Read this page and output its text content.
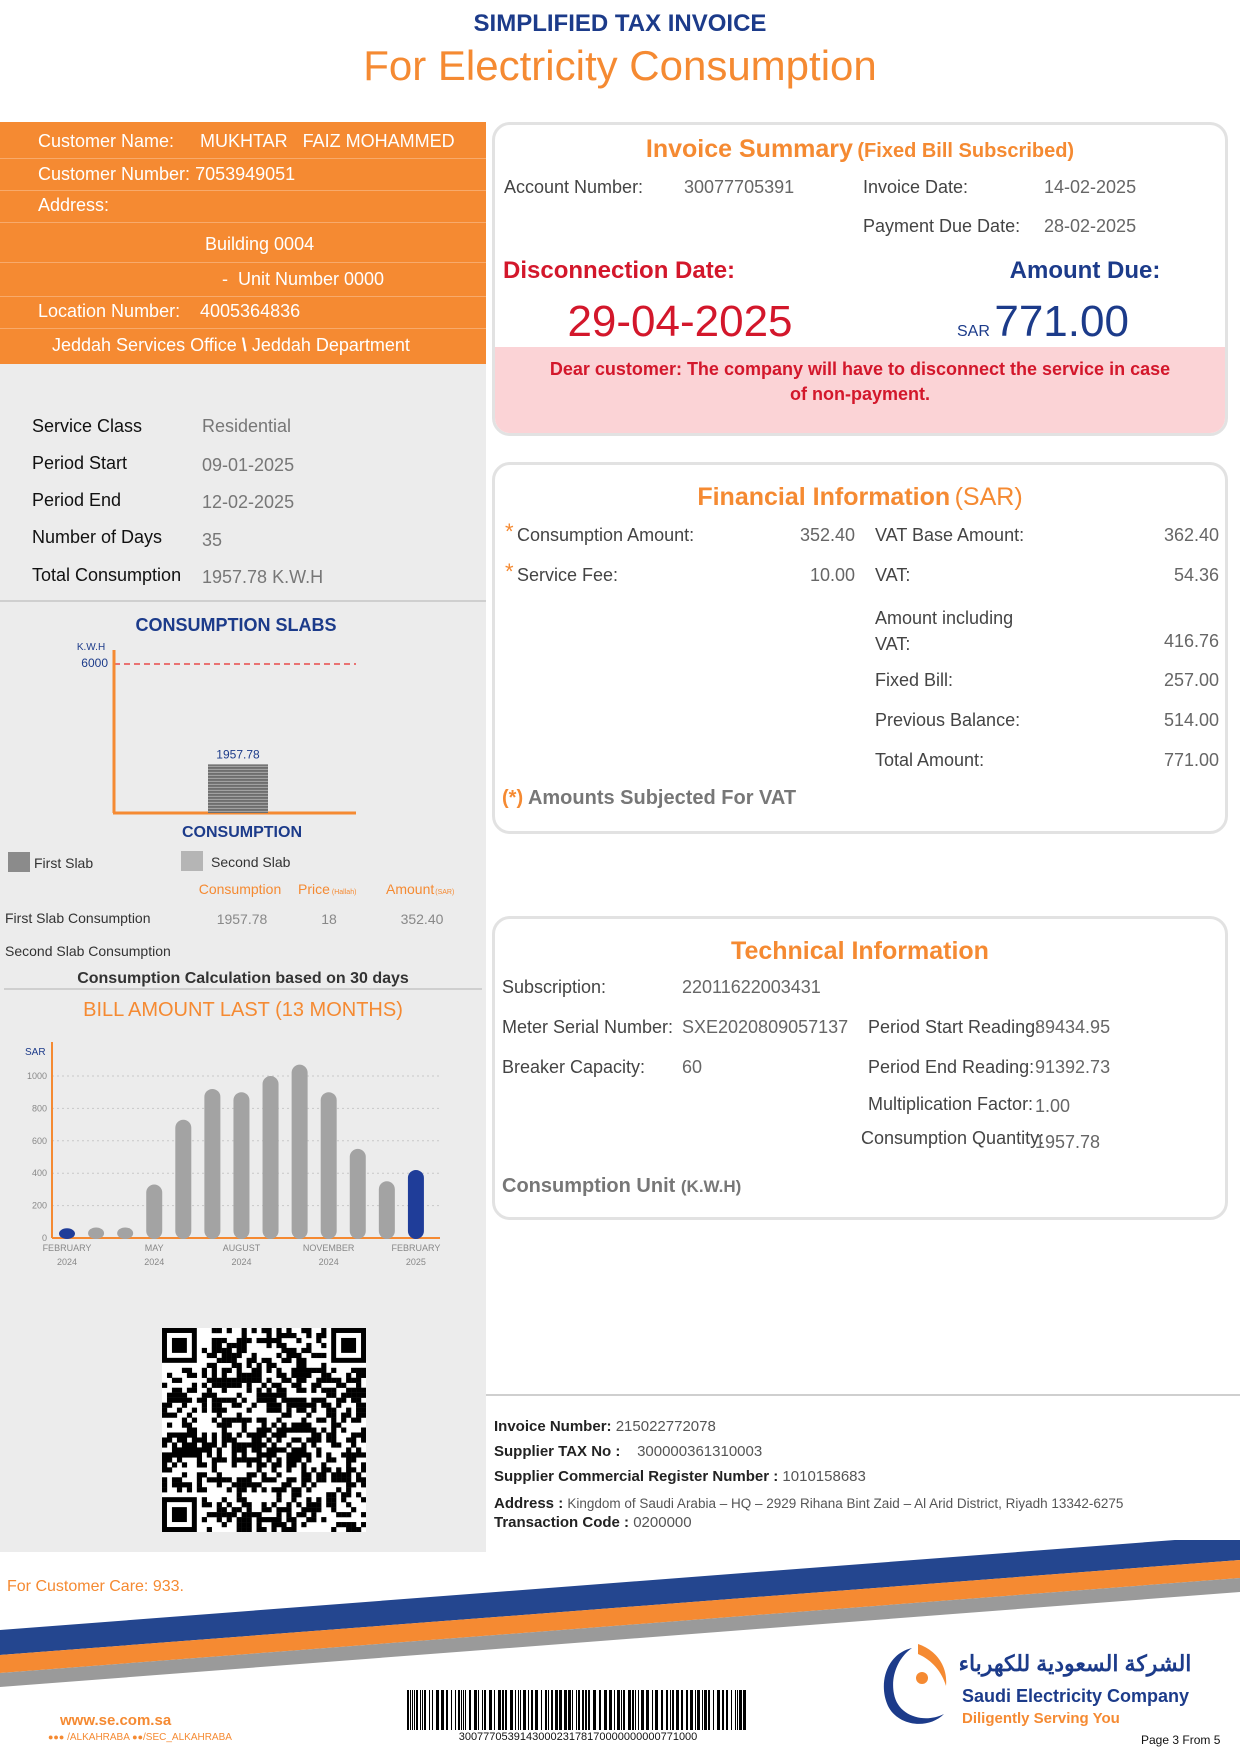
SIMPLIFIED TAX INVOICE
For Electricity Consumption
Customer Name: MUKHTAR   FAIZ MOHAMMED
Customer Number: 7053949051
Address:
Building 0004
-  Unit Number 0000
Location Number: 4005364836
Jeddah Services Office \ Jeddah Department
Service Class	Residential
Period Start	09-01-2025
Period End	12-02-2025
Number of Days 35
Total Consumption 1957.78 K.W.H
CONSUMPTION SLABS
K.W.H
6000
1957.78
CONSUMPTION
First Slab	Second Slab
Consumption Price (Hallah) Amount(SAR)
First Slab Consumption	1957.78	18	352.40
Second Slab Consumption
Consumption Calculation based on 30 days
BILL AMOUNT LAST (13 MONTHS)
SAR
0
200
400
600
800
1000
FEBRUARY
2024
MAY
2024
AUGUST
2024
NOVEMBER
2024
FEBRUARY
2025
Invoice Summary (Fixed Bill Subscribed)
Account Number: 30077705391	Invoice Date:	14-02-2025
Payment Due Date: 28-02-2025
Disconnection Date:	Amount Due:
29-04-2025	SAR 771.00
Dear customer: The company will have to disconnect the service in case of non-payment.
Financial Information (SAR)
* Consumption Amount:	352.40
* Service Fee:	10.00
VAT Base Amount:	362.40
VAT:	54.36
Amount including VAT:	416.76
Fixed Bill:	257.00
Previous Balance:	514.00
Total Amount:	771.00
(*) Amounts Subjected For VAT
Technical Information
Subscription:	22011622003431
Meter Serial Number: SXE2020809057137
Breaker Capacity: 60
Period Start Reading:
89434.95
Period End Reading: 91392.73
Multiplication Factor: 1.00
Consumption Quantity:
1957.78
Consumption Unit (K.W.H)
Invoice Number: 215022772078
Supplier TAX No : 300000361310003
Supplier Commercial Register Number : 1010158683
Address : Kingdom of Saudi Arabia – HQ – 2929 Rihana Bint Zaid – Al Arid District, Riyadh 13342-6275
Transaction Code : 0200000
For Customer Care: 933.
300777053914300023178170000000000771000
www.se.com.sa
●●● /ALKAHRABA ●●/SEC_ALKAHRABA
الشركة السعودية للكهرباء
Saudi Electricity Company
Diligently Serving You
Page 3 From 5
